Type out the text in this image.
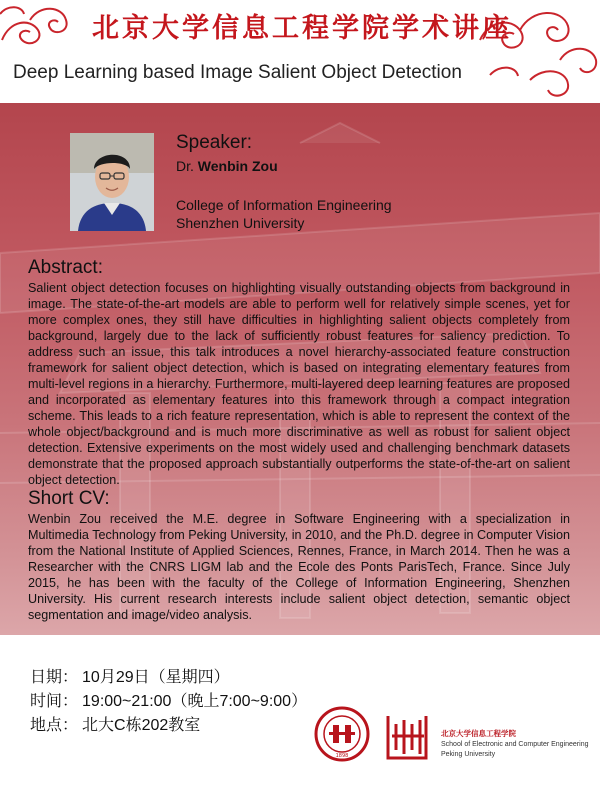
北京大学信息工程学院学术讲座
Deep Learning based Image Salient Object Detection
Speaker:
Dr. Wenbin Zou
College of Information Engineering
Shenzhen University
Abstract:
Salient object detection focuses on highlighting visually outstanding objects from background in image. The state-of-the-art models are able to perform well for relatively simple scenes, yet for more complex ones, they still have difficulties in highlighting salient objects completely from background, largely due to the lack of sufficiently robust features for saliency prediction. To address such an issue, this talk introduces a novel hierarchy-associated feature construction framework for salient object detection, which is based on integrating elementary features from multi-level regions in a hierarchy. Furthermore, multi-layered deep learning features are proposed and incorporated as elementary features into this framework through a compact integration scheme. This leads to a rich feature representation, which is able to represent the context of the whole object/background and is much more discriminative as well as robust for salient object detection. Extensive experiments on the most widely used and challenging benchmark datasets demonstrate that the proposed approach substantially outperforms the state-of-the-art on salient object detection.
Short CV:
Wenbin Zou received the M.E. degree in Software Engineering with a specialization in Multimedia Technology from Peking University, in 2010, and the Ph.D. degree in Computer Vision from the National Institute of Applied Sciences, Rennes, France, in March 2014. Then he was a Researcher with the CNRS LIGM lab and the Ecole des Ponts ParisTech, France. Since July 2015, he has been with the faculty of the College of Information Engineering, Shenzhen University. His current research interests include salient object detection, semantic object segmentation and image/video analysis.
日期： 10月29日（星期四）
时间： 19:00~21:00（晚上7:00~9:00）
地点： 北大C栋202教室
1898
北京大学信息工程学院
School of Electronic and Computer Engineering
Peking University
